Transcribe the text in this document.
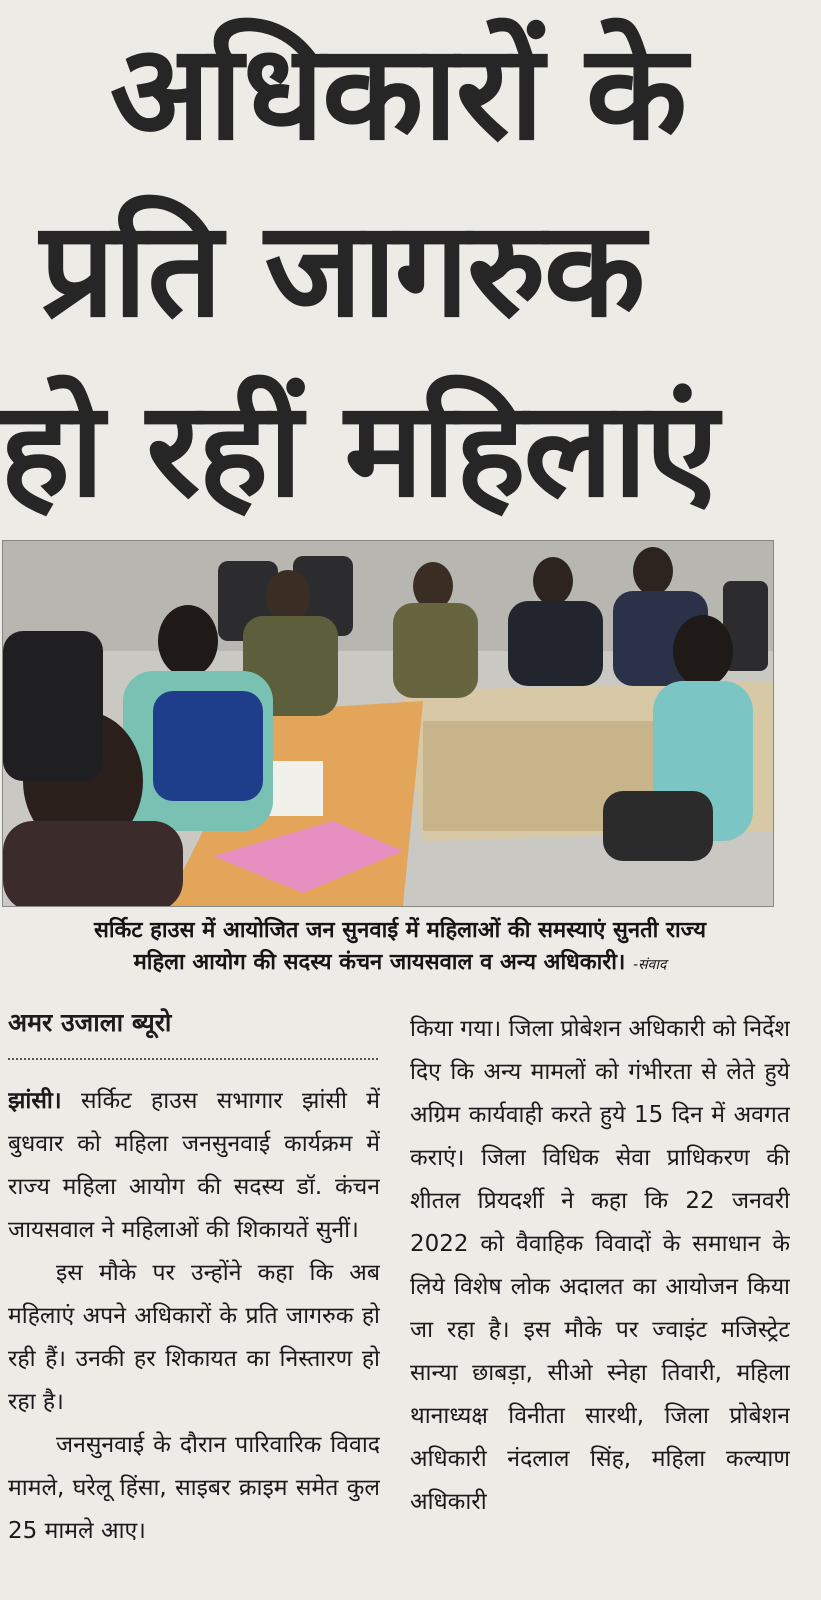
अधिकारों के
प्रति जागरुक
हो रहीं महिलाएं
सर्किट हाउस में आयोजित जन सुनवाई में महिलाओं की समस्याएं सुनती राज्य
महिला आयोग की सदस्य कंचन जायसवाल व अन्य अधिकारी। -संवाद
अमर उजाला ब्यूरो

झांसी। सर्किट हाउस सभागार झांसी में बुधवार को महिला जनसुनवाई कार्यक्रम में राज्य महिला आयोग की सदस्य डॉ. कंचन जायसवाल ने महिलाओं की शिकायतें सुनीं।

इस मौके पर उन्होंने कहा कि अब महिलाएं अपने अधिकारों के प्रति जागरुक हो रही हैं। उनकी हर शिकायत का निस्तारण हो रहा है।

जनसुनवाई के दौरान पारिवारिक विवाद मामले, घरेलू हिंसा, साइबर क्राइम समेत कुल 25 मामले आए।

किया गया। जिला प्रोबेशन अधिकारी को निर्देश दिए कि अन्य मामलों को गंभीरता से लेते हुये अग्रिम कार्यवाही करते हुये 15 दिन में अवगत कराएं। जिला विधिक सेवा प्राधिकरण की शीतल प्रियदर्शी ने कहा कि 22 जनवरी 2022 को वैवाहिक विवादों के समाधान के लिये विशेष लोक अदालत का आयोजन किया जा रहा है। इस मौके पर ज्वाइंट मजिस्ट्रेट सान्या छाबड़ा, सीओ स्नेहा तिवारी, महिला थानाध्यक्ष विनीता सारथी, जिला प्रोबेशन अधिकारी नंदलाल सिंह, महिला कल्याण अधिकारी
